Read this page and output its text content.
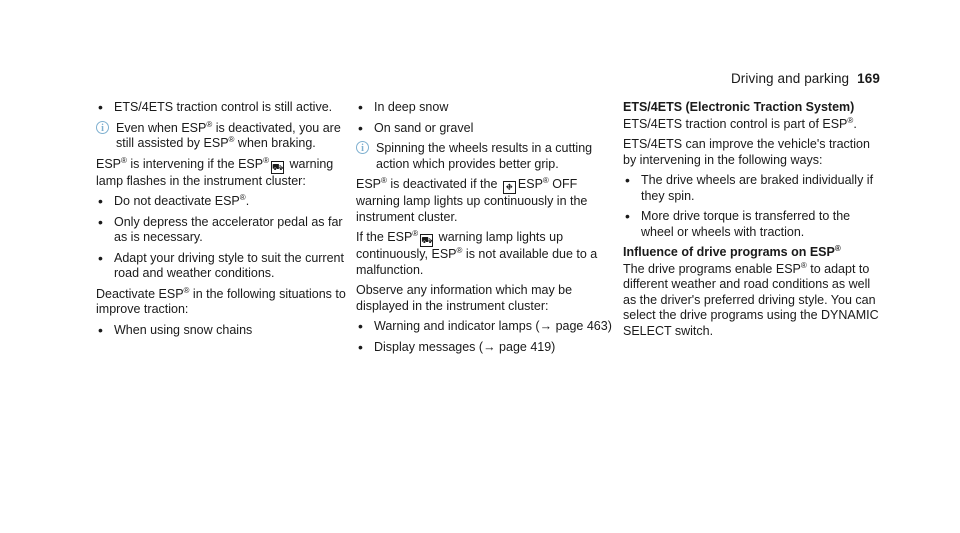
Driving and parking 169
• ETS/4ETS traction control is still active.
i Even when ESP® is deactivated, you are still assisted by ESP® when braking.

ESP® is intervening if the ESP®⛟ warning lamp flashes in the instrument cluster:

• Do not deactivate ESP®.
• Only depress the accelerator pedal as far as is necessary.
• Adapt your driving style to suit the current road and weather conditions.

Deactivate ESP® in the following situations to improve traction:

• When using snow chains
• In deep snow
• On sand or gravel
i Spinning the wheels results in a cutting action which provides better grip.

ESP® is deactivated if the ⛖ ESP® OFF warning lamp lights up continuously in the instrument cluster.

If the ESP®⛟ warning lamp lights up continuously, ESP® is not available due to a malfunction.

Observe any information which may be displayed in the instrument cluster:

• Warning and indicator lamps (→ page 463)
• Display messages (→ page 419)

ETS/4ETS (Electronic Traction System)

ETS/4ETS traction control is part of ESP®.

ETS/4ETS can improve the vehicle's traction by intervening in the following ways:

• The drive wheels are braked individually if they spin.
• More drive torque is transferred to the wheel or wheels with traction.

Influence of drive programs on ESP®

The drive programs enable ESP® to adapt to different weather and road conditions as well as the driver's preferred driving style. You can select the drive programs using the DYNAMIC SELECT switch.
